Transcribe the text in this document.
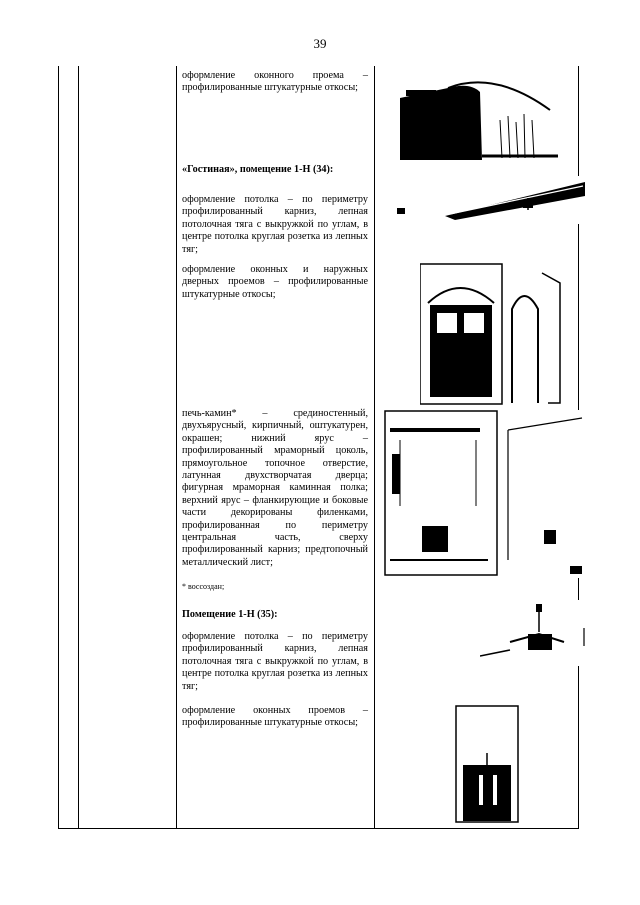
39
оформление оконного проема – профилированные штукатурные откосы;
«Гостиная», помещение 1-Н (34):
оформление потолка – по периметру профилированный карниз, лепная потолочная тяга с выкружкой по углам, в центре потолка круглая розетка из лепных тяг;
оформление оконных и наружных дверных проемов – профилированные штукатурные откосы;
печь-камин* – срединостенный, двухъярусный, кирпичный, оштукатурен, окрашен; нижний ярус – профилированный мраморный цоколь, прямоугольное топочное отверстие, латунная двухстворчатая дверца; фигурная мраморная каминная полка; верхний ярус – фланкирующие и боковые части декорированы филенками, профилированная по периметру центральная часть, сверху профилированный карниз; предтопочный металлический лист;
* воссоздан;
Помещение 1-Н (35):
оформление потолка – по периметру профилированный карниз, лепная потолочная тяга с выкружкой по углам, в центре потолка круглая розетка из лепных тяг;
оформление оконных проемов – профилированные штукатурные откосы;
